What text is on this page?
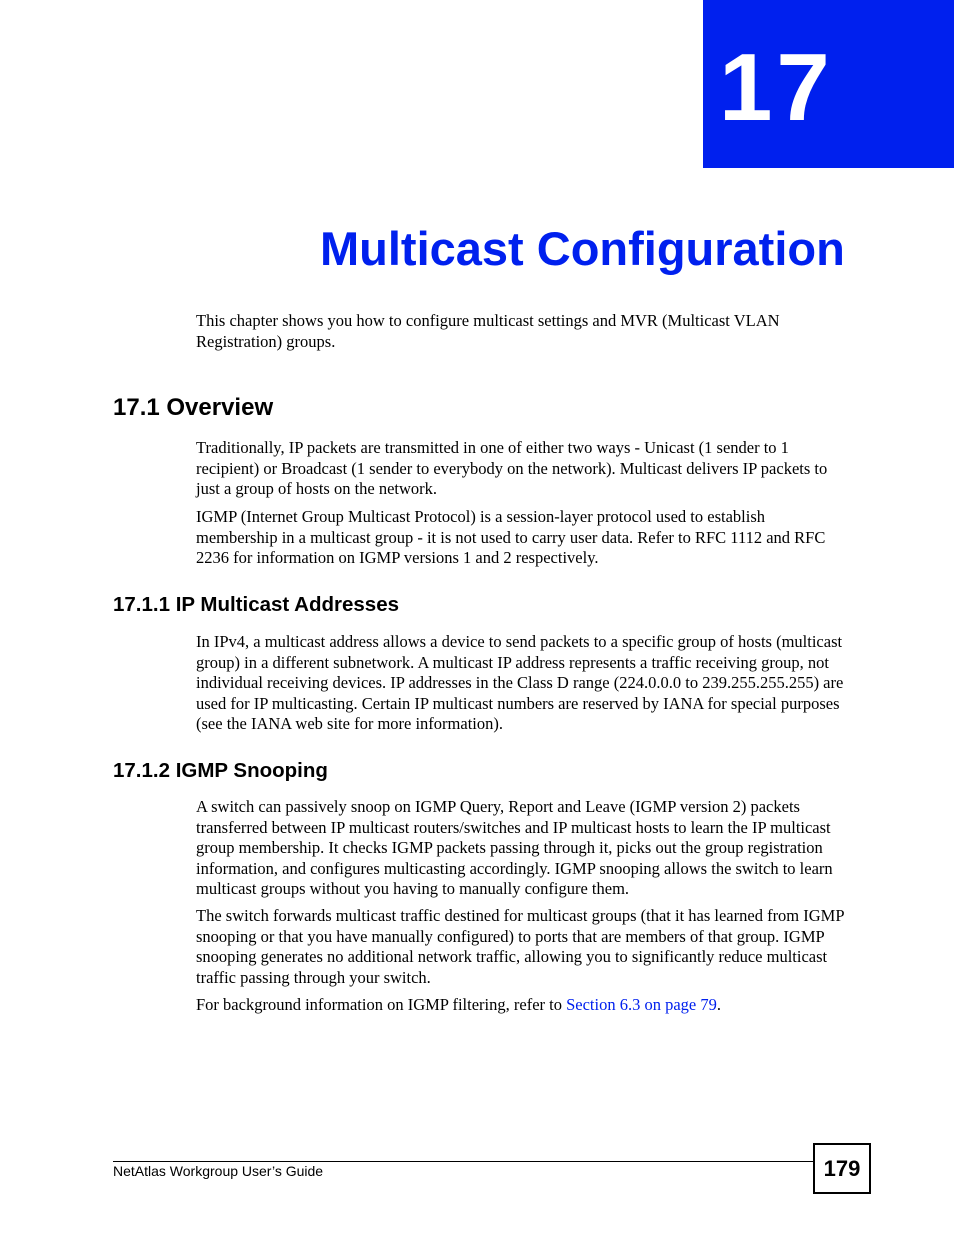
17
Multicast Configuration

This chapter shows you how to configure multicast settings and MVR (Multicast VLAN Registration) groups.

17.1 Overview

Traditionally, IP packets are transmitted in one of either two ways - Unicast (1 sender to 1 recipient) or Broadcast (1 sender to everybody on the network). Multicast delivers IP packets to just a group of hosts on the network.

IGMP (Internet Group Multicast Protocol) is a session-layer protocol used to establish membership in a multicast group - it is not used to carry user data. Refer to RFC 1112 and RFC 2236 for information on IGMP versions 1 and 2 respectively.

17.1.1 IP Multicast Addresses

In IPv4, a multicast address allows a device to send packets to a specific group of hosts (multicast group) in a different subnetwork. A multicast IP address represents a traffic receiving group, not individual receiving devices. IP addresses in the Class D range (224.0.0.0 to 239.255.255.255) are used for IP multicasting. Certain IP multicast numbers are reserved by IANA for special purposes (see the IANA web site for more information).

17.1.2 IGMP Snooping

A switch can passively snoop on IGMP Query, Report and Leave (IGMP version 2) packets transferred between IP multicast routers/switches and IP multicast hosts to learn the IP multicast group membership. It checks IGMP packets passing through it, picks out the group registration information, and configures multicasting accordingly. IGMP snooping allows the switch to learn multicast groups without you having to manually configure them.

The switch forwards multicast traffic destined for multicast groups (that it has learned from IGMP snooping or that you have manually configured) to ports that are members of that group. IGMP snooping generates no additional network traffic, allowing you to significantly reduce multicast traffic passing through your switch.

For background information on IGMP filtering, refer to Section 6.3 on page 79.

NetAtlas Workgroup User’s Guide	179
